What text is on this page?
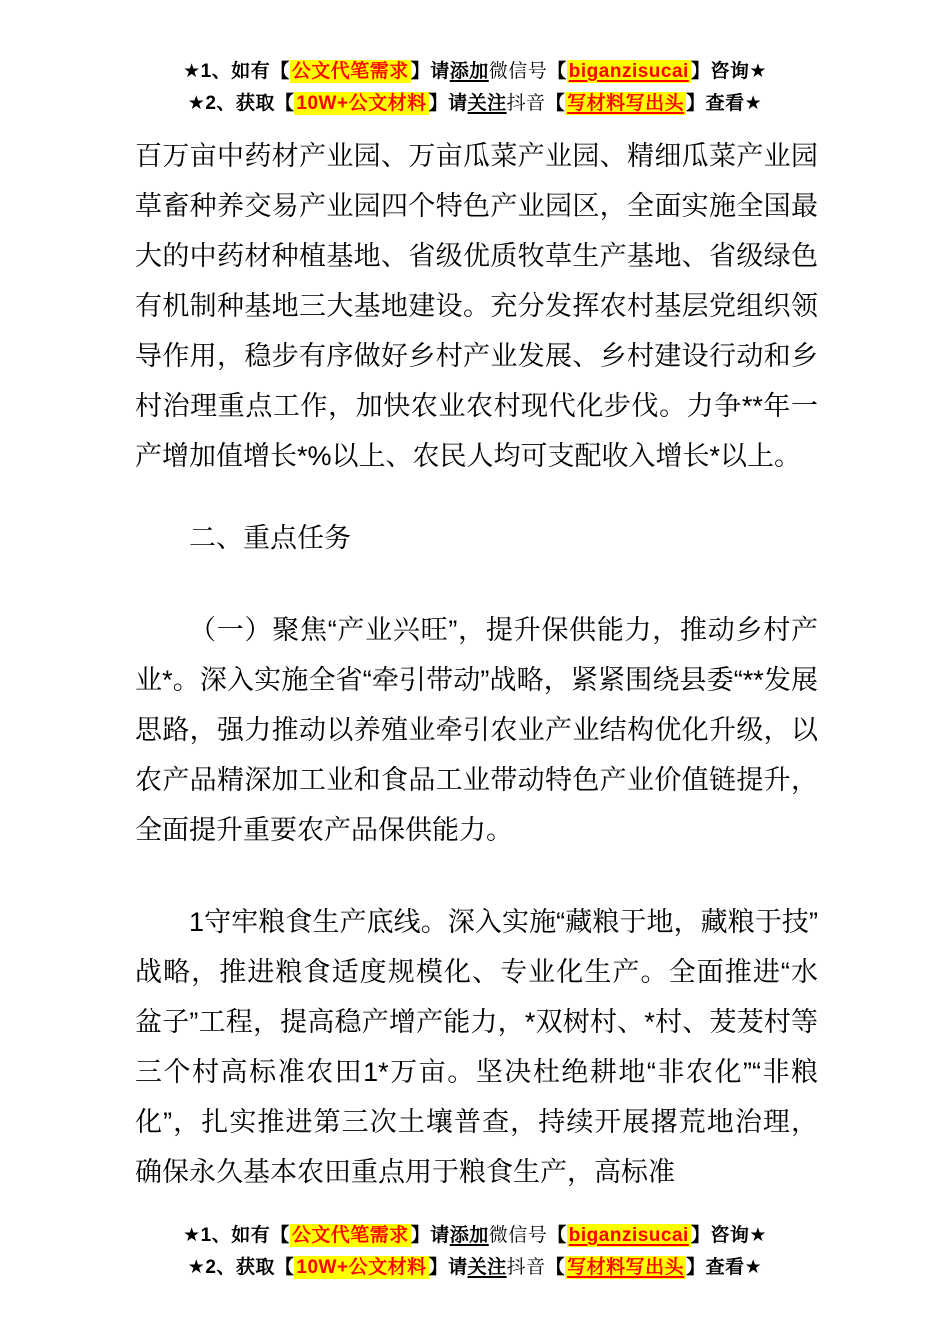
★1、如有【 公文代笔需求 】请添加微信号【 biganzisucai 】咨询★
★2、获取【 10W+公文材料 】请关注抖音【 写材料写出头 】查看★

百万亩中药材产业园、万亩瓜菜产业园、精细瓜菜产业园草畜种养交易产业园四个特色产业园区，全面实施全国最大的中药材种植基地、省级优质牧草生产基地、省级绿色有机制种基地三大基地建设。充分发挥农村基层党组织领导作用，稳步有序做好乡村产业发展、乡村建设行动和乡村治理重点工作，加快农业农村现代化步伐。力争**年一产增加值增长*%以上、农民人均可支配收入增长*以上。

二、重点任务

（一）聚焦“产业兴旺”，提升保供能力，推动乡村产业*。深入实施全省“牵引带动”战略，紧紧围绕县委“**发展思路，强力推动以养殖业牵引农业产业结构优化升级，以农产品精深加工业和食品工业带动特色产业价值链提升，全面提升重要农产品保供能力。

1守牢粮食生产底线。深入实施“藏粮于地，藏粮于技”战略，推进粮食适度规模化、专业化生产。全面推进“水盆子”工程，提高稳产增产能力，*双树村、*村、茇茇村等三个村高标准农田1*万亩。坚决杜绝耕地“非农化”“非粮化”，扎实推进第三次土壤普查，持续开展撂荒地治理，确保永久基本农田重点用于粮食生产，高标准

★1、如有【 公文代笔需求 】请添加微信号【 biganzisucai 】咨询★
★2、获取【 10W+公文材料 】请关注抖音【 写材料写出头 】查看★
